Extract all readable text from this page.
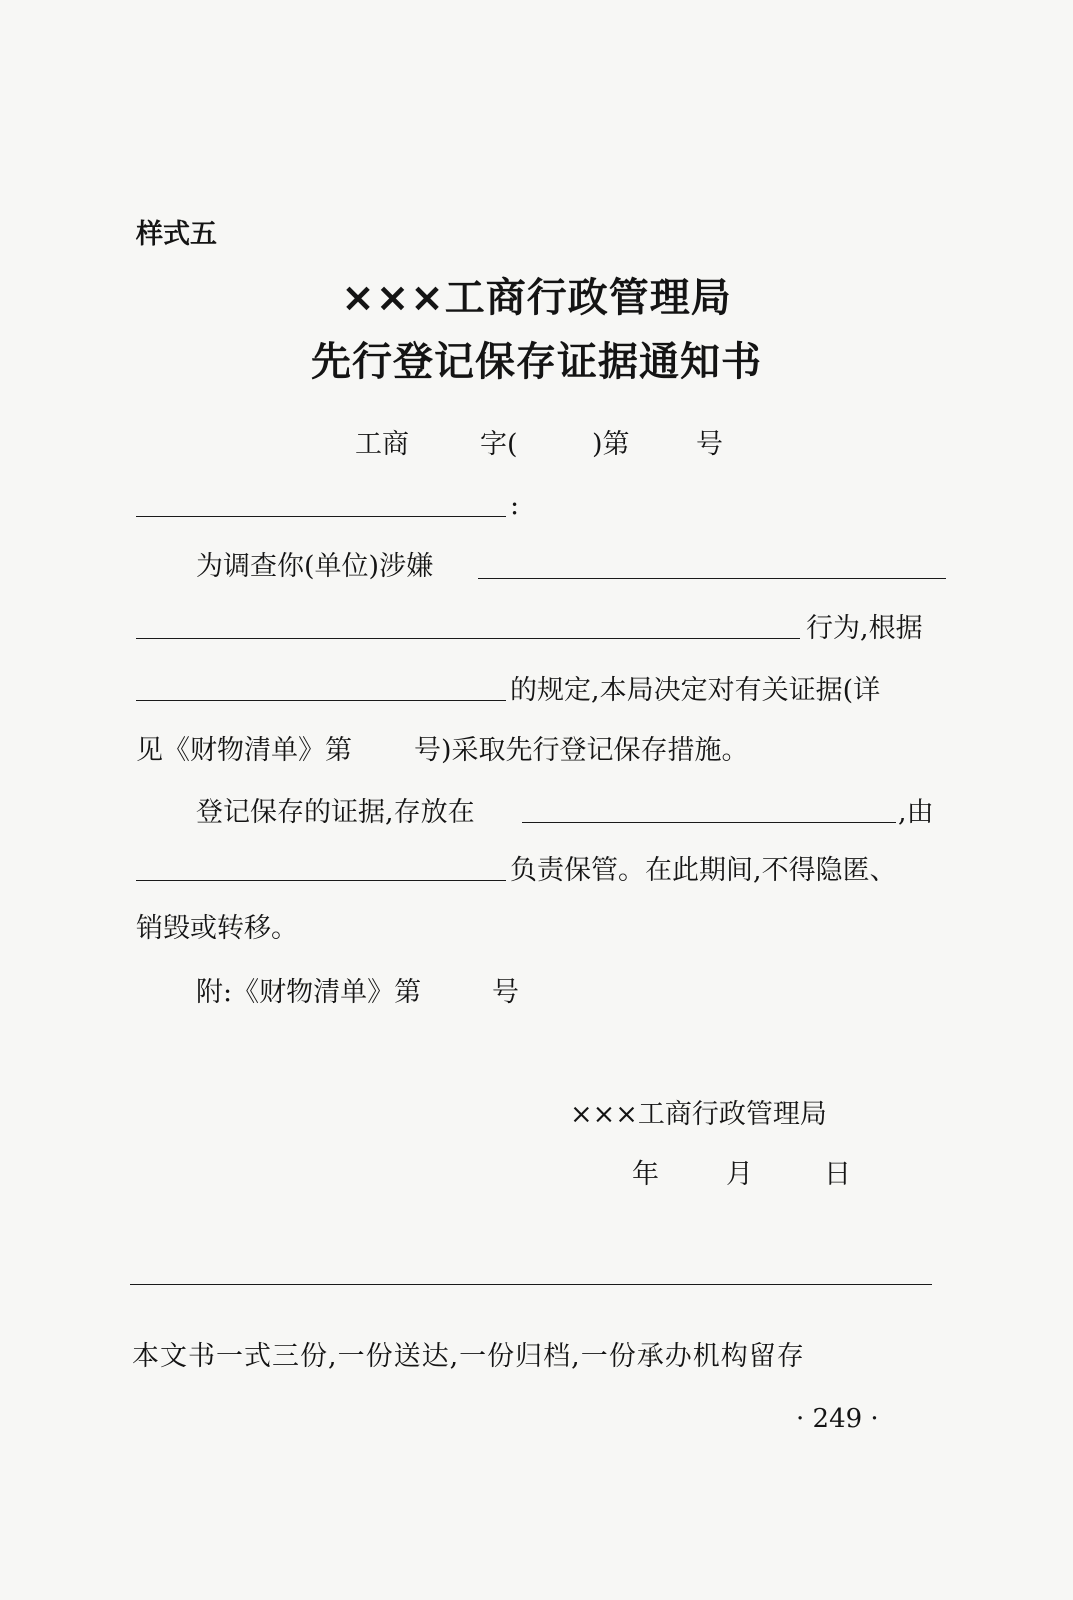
样式五
×××工商行政管理局
先行登记保存证据通知书
工商	字(	)第 号
:
为调查你(单位)涉嫌
行为,根据
的规定,本局决定对有关证据(详
见《财物清单》第 号)采取先行登记保存措施。
登记保存的证据,存放在	,由
负责保管。在此期间,不得隐匿、
销毁或转移。
附:《财物清单》第	号
×××工商行政管理局
年 月	日
本文书一式三份,一份送达,一份归档,一份承办机构留存
· 249 ·
